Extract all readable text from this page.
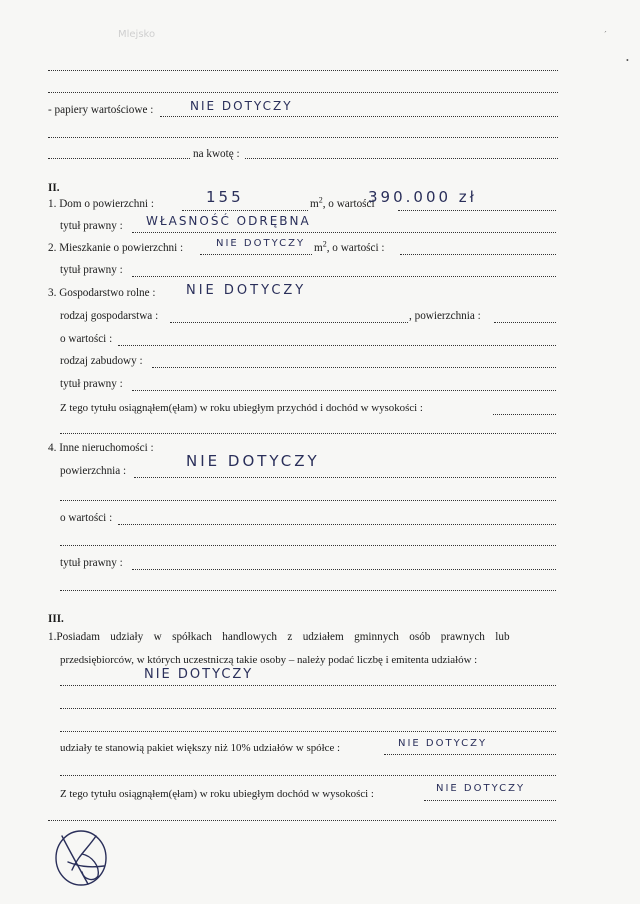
Mlejsko
- papiery wartościowe :	NIE DOTYCZY
na kwotę :
II.
1. Dom o powierzchni :	155	$m^2$, o wartości
390.000 zł
tytuł prawny : WŁASNOŚĆ ODRĘBNA
2. Mieszkanie o powierzchni :	NIE DOTYCZY $m^2$, o wartości :
tytuł prawny :
3. Gospodarstwo rolne : NIE DOTYCZY
rodzaj gospodarstwa :	, powierzchnia :
o wartości :
rodzaj zabudowy :
tytuł prawny :
Z tego tytułu osiągnąłem(ęłam) w roku ubiegłym przychód i dochód w wysokości :
4. Inne nieruchomości :
powierzchnia :
NIE DOTYCZY
o wartości :
tytuł prawny :
III.
1.Posiadam udziały w spółkach handlowych z udziałem gminnych osób prawnych lub
przedsiębiorców, w których uczestniczą takie osoby – należy podać liczbę i emitenta udziałów :
NIE DOTYCZY
udziały te stanowią pakiet większy niż 10% udziałów w spółce :	NIE DOTYCZY
Z tego tytułu osiągnąłem(ęłam) w roku ubiegłym dochód w wysokości :	NIE DOTYCZY
´
•
